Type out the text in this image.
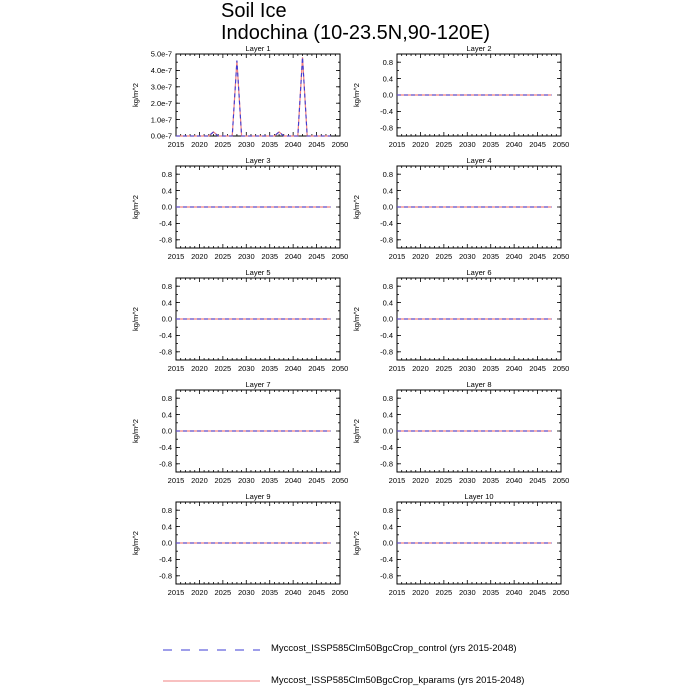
Soil Ice
Indochina (10-23.5N,90-120E)
Layer 1
kg/m^2
2015 2020 2025 2030 2035 2040 2045 2050
0.0e-7
1.0e-7
2.0e-7
3.0e-7
4.0e-7
5.0e-7
Layer 2
kg/m^2
2015 2020 2025 2030 2035 2040 2045 2050
0.8
0.4
0.0
-0.4
-0.8
Layer 3
kg/m^2
2015 2020 2025 2030 2035 2040 2045 2050
0.8
0.4
0.0
-0.4
-0.8
Layer 4
kg/m^2
2015 2020 2025 2030 2035 2040 2045 2050
0.8
0.4
0.0
-0.4
-0.8
Layer 5
kg/m^2
2015 2020 2025 2030 2035 2040 2045 2050
0.8
0.4
0.0
-0.4
-0.8
Layer 6
kg/m^2
2015 2020 2025 2030 2035 2040 2045 2050
0.8
0.4
0.0
-0.4
-0.8
Layer 7
kg/m^2
2015 2020 2025 2030 2035 2040 2045 2050
0.8
0.4
0.0
-0.4
-0.8
Layer 8
kg/m^2
2015 2020 2025 2030 2035 2040 2045 2050
0.8
0.4
0.0
-0.4
-0.8
Layer 9
kg/m^2
2015 2020 2025 2030 2035 2040 2045 2050
0.8
0.4
0.0
-0.4
-0.8
Layer 10
kg/m^2
2015 2020 2025 2030 2035 2040 2045 2050
0.8
0.4
0.0
-0.4
-0.8
Myccost_ISSP585Clm50BgcCrop_control (yrs 2015-2048)
Myccost_ISSP585Clm50BgcCrop_kparams (yrs 2015-2048)
